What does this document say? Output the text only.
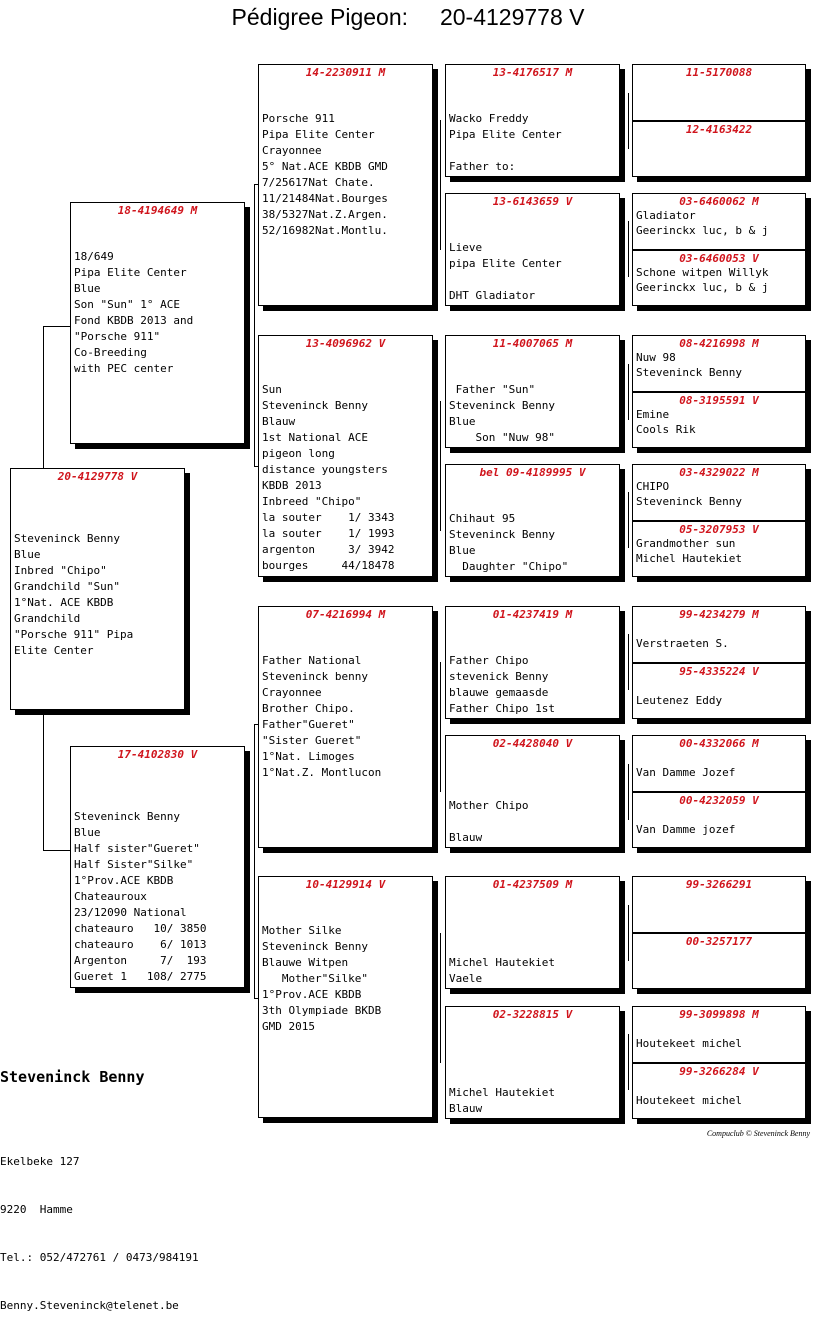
Pédigree Pigeon:     20-4129778 V
20-4129778 V

Steveninck Benny
Blue
Inbred "Chipo"
Grandchild "Sun"
1°Nat. ACE KBDB
Grandchild
"Porsche 911" Pipa
Elite Center

18-4194649 M

18/649
Pipa Elite Center
Blue
Son "Sun" 1° ACE
Fond KBDB 2013 and
"Porsche 911"
Co-Breeding
with PEC center

17-4102830 V

Steveninck Benny
Blue
Half sister"Gueret"
Half Sister"Silke"
1°Prov.ACE KBDB
Chateauroux
23/12090 National
chateauro   10/ 3850
chateauro    6/ 1013
Argenton     7/  193
Gueret 1   108/ 2775

14-2230911 M

Porsche 911
Pipa Elite Center
Crayonnee
5° Nat.ACE KBDB GMD
7/25617Nat Chate.
11/21484Nat.Bourges
38/5327Nat.Z.Argen.
52/16982Nat.Montlu.

13-4096962 V

Sun
Steveninck Benny
Blauw
1st National ACE
pigeon long
distance youngsters
KBDB 2013
Inbreed "Chipo"
la souter    1/ 3343
la souter    1/ 1993
argenton     3/ 3942
bourges     44/18478

07-4216994 M

Father National
Steveninck benny
Crayonnee
Brother Chipo.
Father"Gueret"
"Sister Gueret"
1°Nat. Limoges
1°Nat.Z. Montlucon

10-4129914 V

Mother Silke
Steveninck Benny
Blauwe Witpen
Mother"Silke"
1°Prov.ACE KBDB
3th Olympiade BKDB
GMD 2015

13-4176517 M

Wacko Freddy
Pipa Elite Center

Father to:

13-6143659 V

Lieve
pipa Elite Center

DHT Gladiator

11-4007065 M

Father "Sun"
Steveninck Benny
Blue
Son "Nuw 98"

bel 09-4189995 V

Chihaut 95
Steveninck Benny
Blue
Daughter "Chipo"

01-4237419 M

Father Chipo
stevenick Benny
blauwe gemaasde
Father Chipo 1st

02-4428040 V

Mother Chipo

Blauw

01-4237509 M

Michel Hautekiet
Vaele

02-3228815 V

Michel Hautekiet
Blauw

11-5170088
12-4163422
03-6460062 M
Gladiator
Geerinckx luc, b & j
03-6460053 V
Schone witpen Willyk
Geerinckx luc, b & j
08-4216998 M
Nuw 98
Steveninck Benny
08-3195591 V
Emine
Cools Rik
03-4329022 M
CHIPO
Steveninck Benny
05-3207953 V
Grandmother sun
Michel Hautekiet
99-4234279 M

Verstraeten S.
95-4335224 V

Leutenez Eddy
00-4332066 M

Van Damme Jozef
00-4232059 V

Van Damme jozef
99-3266291
00-3257177
99-3099898 M

Houtekeet michel
99-3266284 V

Houtekeet michel

Steveninck Benny

Ekelbeke 127

9220  Hamme

Tel.: 052/472761 / 0473/984191

Benny.Steveninck@telenet.be

Compuclub © Steveninck Benny
